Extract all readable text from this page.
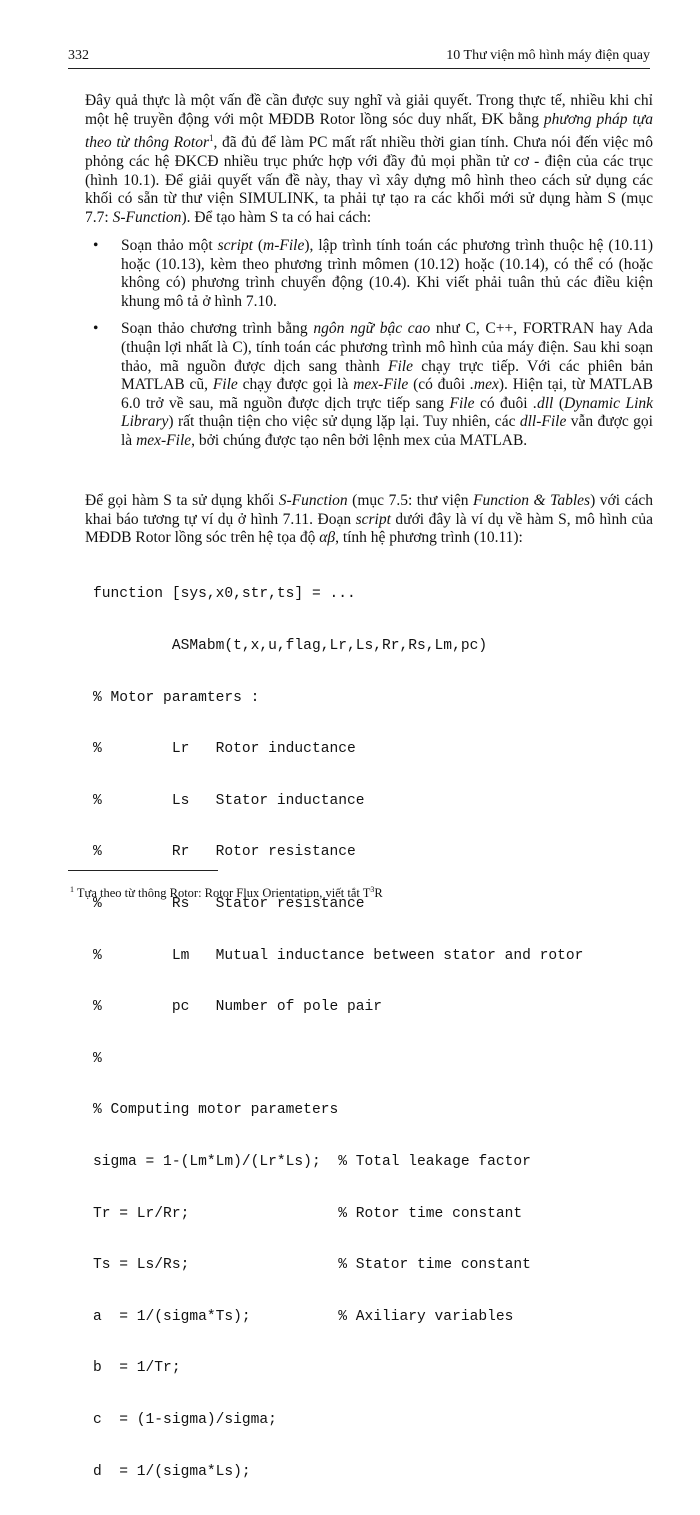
332	10 Thư viện mô hình máy điện quay

Đây quả thực là một vấn đề cần được suy nghĩ và giải quyết. Trong thực tế, nhiều khi chỉ một hệ truyền động với một MĐDB Rotor lồng sóc duy nhất, ĐK bằng phương pháp tựa theo từ thông Rotor$^1$, đã đủ để làm PC mất rất nhiều thời gian tính. Chưa nói đến việc mô phỏng các hệ ĐKCĐ nhiều trục phức hợp với đầy đủ mọi phần tử cơ - điện của các trục (hình 10.1). Để giải quyết vấn đề này, thay vì xây dựng mô hình theo cách sử dụng các khối có sẵn từ thư viện SIMULINK, ta phải tự tạo ra các khối mới sử dụng hàm S (mục 7.7: S-Function). Để tạo hàm S ta có hai cách:

• Soạn thảo một script (m-File), lập trình tính toán các phương trình thuộc hệ (10.11) hoặc (10.13), kèm theo phương trình mômen (10.12) hoặc (10.14), có thể có (hoặc không có) phương trình chuyển động (10.4). Khi viết phải tuân thủ các điều kiện khung mô tả ở hình 7.10.
• Soạn thảo chương trình bằng ngôn ngữ bậc cao như C, C++, FORTRAN hay Ada (thuận lợi nhất là C), tính toán các phương trình mô hình của máy điện. Sau khi soạn thảo, mã nguồn được dịch sang thành File chạy trực tiếp. Với các phiên bản MATLAB cũ, File chạy được gọi là mex-File (có đuôi .mex). Hiện tại, từ MATLAB 6.0 trở về sau, mã nguồn được dịch trực tiếp sang File có đuôi .dll (Dynamic Link Library) rất thuận tiện cho việc sử dụng lặp lại. Tuy nhiên, các dll-File vẫn được gọi là mex-File, bởi chúng được tạo nên bởi lệnh mex của MATLAB.

Để gọi hàm S ta sử dụng khối S-Function (mục 7.5: thư viện Function & Tables) với cách khai báo tương tự ví dụ ở hình 7.11. Đoạn script dưới đây là ví dụ về hàm S, mô hình của MĐDB Rotor lồng sóc trên hệ tọa độ αβ, tính hệ phương trình (10.11):

function [sys,x0,str,ts] = ...

ASMabm(t,x,u,flag,Lr,Ls,Rr,Rs,Lm,pc)

% Motor paramters :

%        Lr   Rotor inductance

%        Ls   Stator inductance

%        Rr   Rotor resistance

%        Rs   Stator resistance

%        Lm   Mutual inductance between stator and rotor

%        pc   Number of pole pair

%

% Computing motor parameters

sigma = 1-(Lm*Lm)/(Lr*Ls);  % Total leakage factor

Tr = Lr/Rr;                 % Rotor time constant

Ts = Ls/Rs;                 % Stator time constant

a  = 1/(sigma*Ts);          % Axiliary variables

b  = 1/Tr;

c  = (1-sigma)/sigma;

d  = 1/(sigma*Ls);

$^1$ Tựa theo từ thông Rotor: Rotor Flux Orientation, viết tắt $T^3R$
